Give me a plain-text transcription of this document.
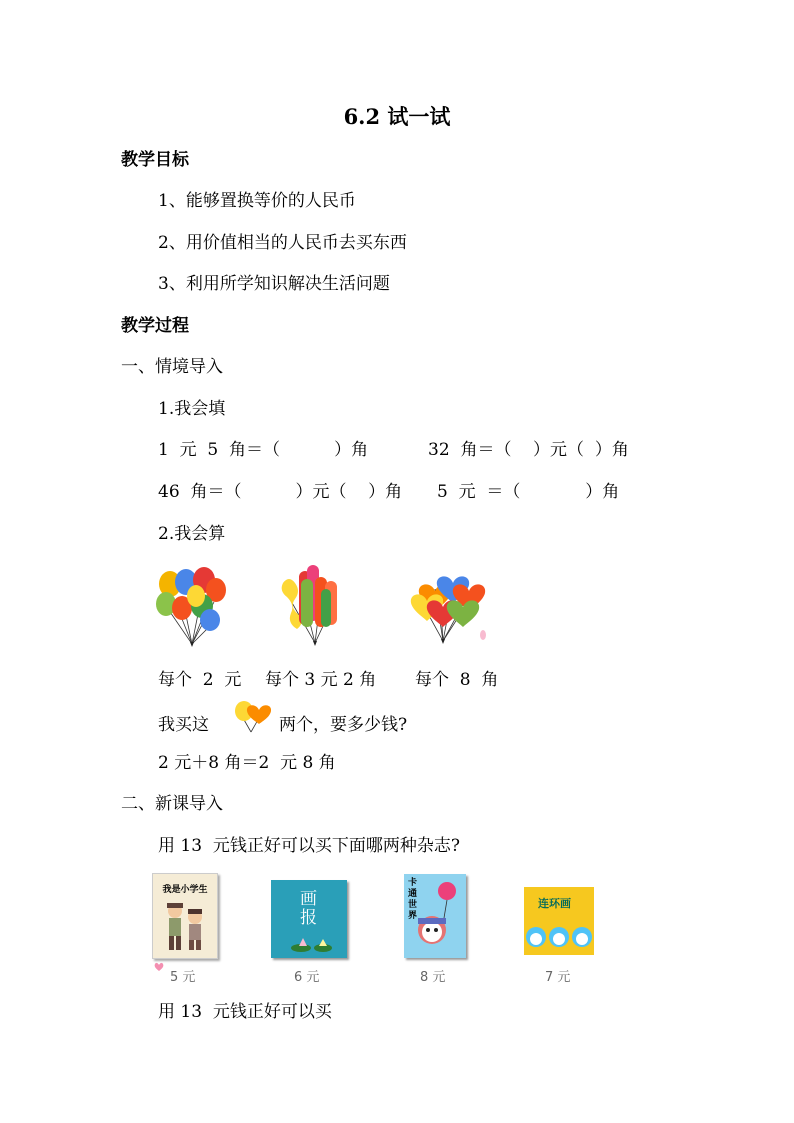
6.2 试一试
教学目标
1、能够置换等价的人民币
2、用价值相当的人民币去买东西
3、利用所学知识解决生活问题
教学过程
一、情境导入
1.我会填
1  元  5  角＝（          ）角	32  角＝（    ）元（  ）角
46  角＝（          ）元（    ）角 5  元  ＝（            ）角
2.我会算
每个  2  元 每个 3 元 2 角 每个  8  角
我买这	两个，要多少钱?
2 元＋8 角＝2  元 8 角
二、新课导入
用 13  元钱正好可以买下面哪两种杂志?
我是小学生
5 元
画报
6 元
卡通世界
8 元
连环画
7 元
用 13  元钱正好可以买
